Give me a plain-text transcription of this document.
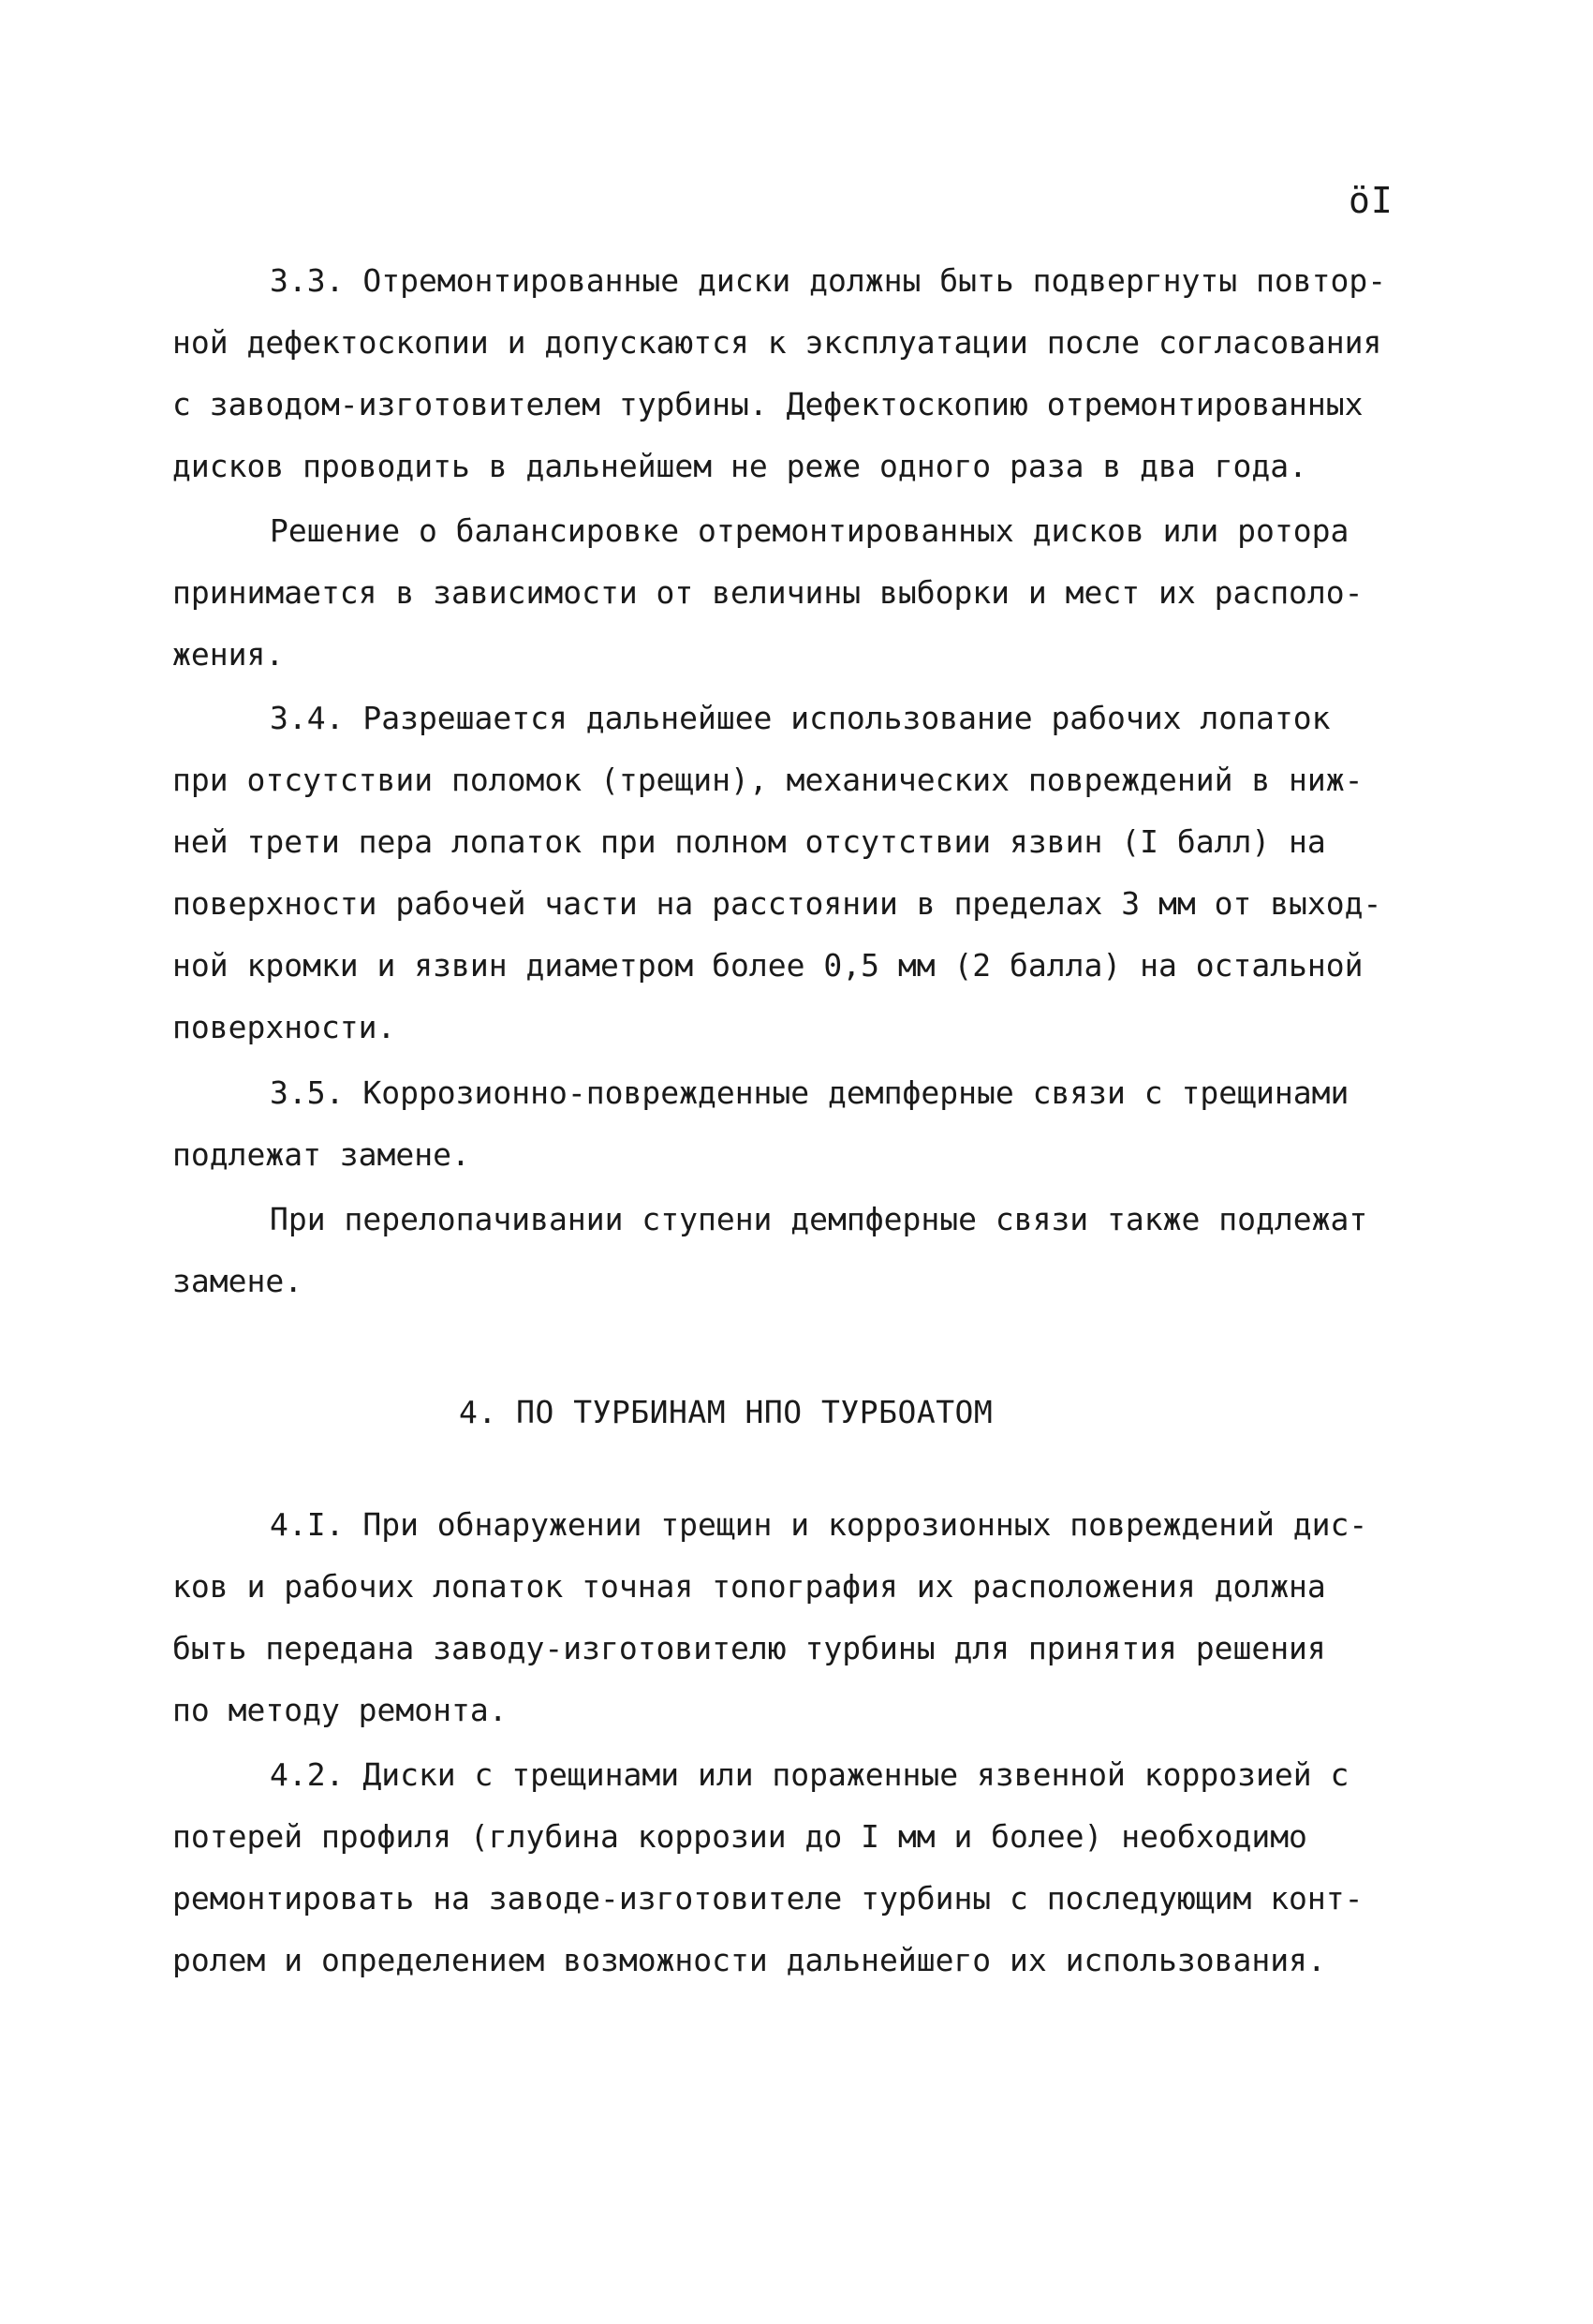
öI
3.3. Отремонтированные диски должны быть подвергнуты повтор-
ной дефектоскопии и допускаются к эксплуатации после согласования
с заводом-изготовителем турбины. Дефектоскопию отремонтированных
дисков проводить в дальнейшем не реже одного раза в два года.
Решение о балансировке отремонтированных дисков или ротора
принимается в зависимости от величины выборки и мест их располо-
жения.
3.4. Разрешается дальнейшее использование рабочих лопаток
при отсутствии поломок (трещин), механических повреждений в ниж-
ней трети пера лопаток при полном отсутствии язвин (I балл) на
поверхности рабочей части на расстоянии в пределах 3 мм от выход-
ной кромки и язвин диаметром более 0,5 мм (2 балла) на остальной
поверхности.
3.5. Коррозионно-поврежденные демпферные связи с трещинами
подлежат замене.
При перелопачивании ступени демпферные связи также подлежат
замене.
4. ПО ТУРБИНАМ НПО ТУРБОАТОМ
4.I. При обнаружении трещин и коррозионных повреждений дис-
ков и рабочих лопаток точная топография их расположения должна
быть передана заводу-изготовителю турбины для принятия решения
по методу ремонта.
4.2. Диски с трещинами или пораженные язвенной коррозией с
потерей профиля (глубина коррозии до I мм и более) необходимо
ремонтировать на заводе-изготовителе турбины с последующим конт-
ролем и определением возможности дальнейшего их использования.
